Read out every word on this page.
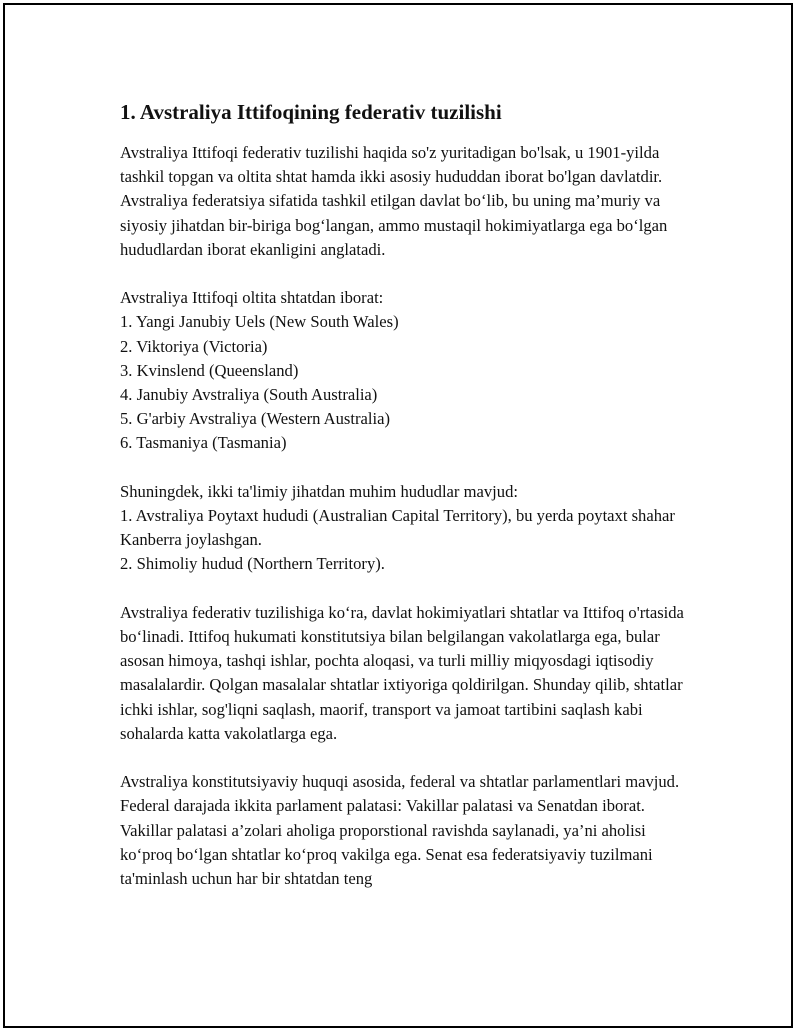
1. Avstraliya Ittifoqining federativ tuzilishi

Avstraliya Ittifoqi federativ tuzilishi haqida so'z yuritadigan bo'lsak, u 1901-yilda tashkil topgan va oltita shtat hamda ikki asosiy hududdan iborat bo'lgan davlatdir. Avstraliya federatsiya sifatida tashkil etilgan davlat bo‘lib, bu uning ma’muriy va siyosiy jihatdan bir-biriga bog‘langan, ammo mustaqil hokimiyatlarga ega bo‘lgan hududlardan iborat ekanligini anglatadi.

Avstraliya Ittifoqi oltita shtatdan iborat:

1. Yangi Janubiy Uels (New South Wales)

2. Viktoriya (Victoria)

3. Kvinslend (Queensland)

4. Janubiy Avstraliya (South Australia)

5. G'arbiy Avstraliya (Western Australia)

6. Tasmaniya (Tasmania)

Shuningdek, ikki ta'limiy jihatdan muhim hududlar mavjud:

1. Avstraliya Poytaxt hududi (Australian Capital Territory), bu yerda poytaxt shahar Kanberra joylashgan.

2. Shimoliy hudud (Northern Territory).

Avstraliya federativ tuzilishiga ko‘ra, davlat hokimiyatlari shtatlar va Ittifoq o'rtasida bo‘linadi. Ittifoq hukumati konstitutsiya bilan belgilangan vakolatlarga ega, bular asosan himoya, tashqi ishlar, pochta aloqasi, va turli milliy miqyosdagi iqtisodiy masalalardir. Qolgan masalalar shtatlar ixtiyoriga qoldirilgan. Shunday qilib, shtatlar ichki ishlar, sog'liqni saqlash, maorif, transport va jamoat tartibini saqlash kabi sohalarda katta vakolatlarga ega.

Avstraliya konstitutsiyaviy huquqi asosida, federal va shtatlar parlamentlari mavjud. Federal darajada ikkita parlament palatasi: Vakillar palatasi va Senatdan iborat. Vakillar palatasi a’zolari aholiga proporstional ravishda saylanadi, ya’ni aholisi ko‘proq bo‘lgan shtatlar ko‘proq vakilga ega. Senat esa federatsiyaviy tuzilmani ta'minlash uchun har bir shtatdan teng
